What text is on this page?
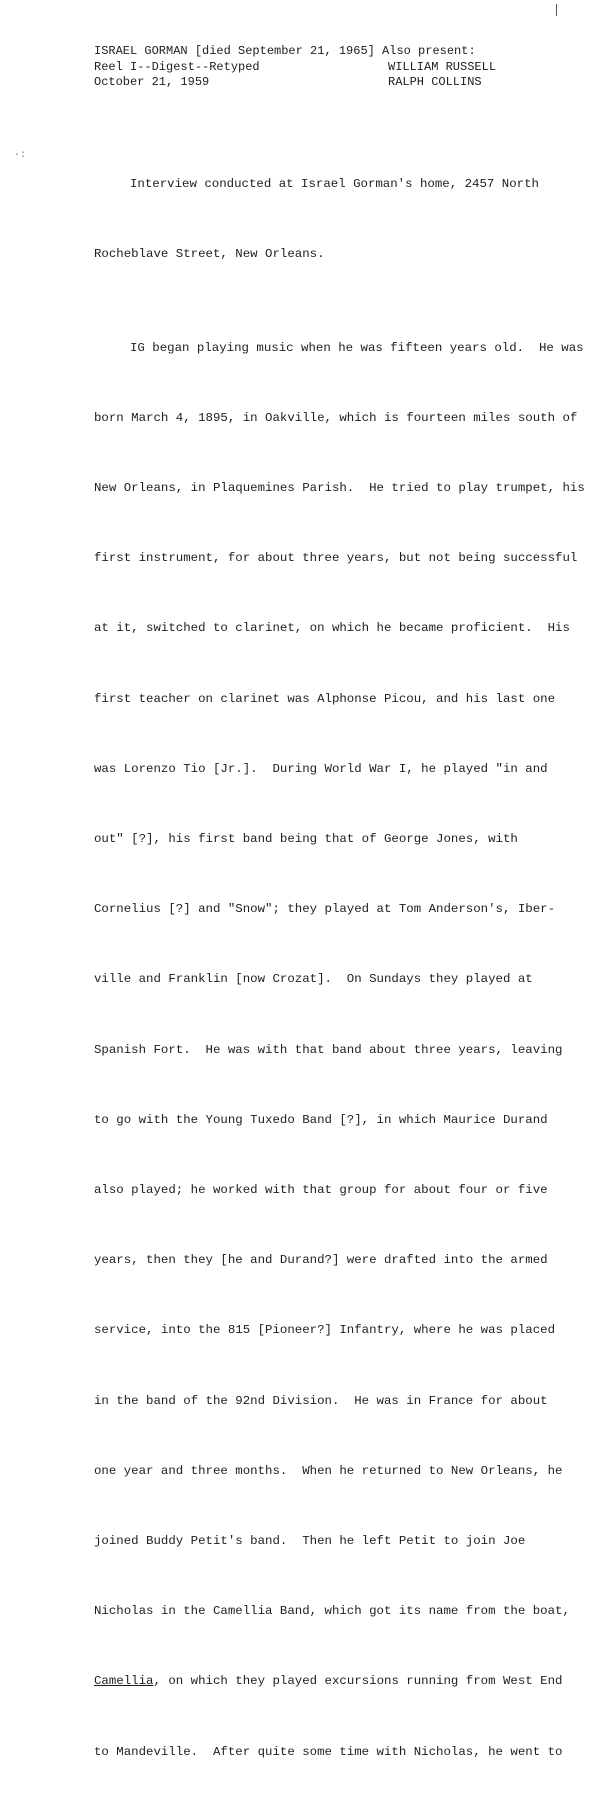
·:
ISRAEL GORMAN [died September 21, 1965] Also present:
Reel I--Digest--Retyped
October 21, 1959
WILLIAM RUSSELL
RALPH COLLINS

Interview conducted at Israel Gorman's home, 2457 North

Rocheblave Street, New Orleans.

IG began playing music when he was fifteen years old.  He was

born March 4, 1895, in Oakville, which is fourteen miles south of

New Orleans, in Plaquemines Parish.  He tried to play trumpet, his

first instrument, for about three years, but not being successful

at it, switched to clarinet, on which he became proficient.  His

first teacher on clarinet was Alphonse Picou, and his last one

was Lorenzo Tio [Jr.].  During World War I, he played "in and

out" [?], his first band being that of George Jones, with

Cornelius [?] and "Snow"; they played at Tom Anderson's, Iber-

ville and Franklin [now Crozat].  On Sundays they played at

Spanish Fort.  He was with that band about three years, leaving

to go with the Young Tuxedo Band [?], in which Maurice Durand

also played; he worked with that group for about four or five

years, then they [he and Durand?] were drafted into the armed

service, into the 815 [Pioneer?] Infantry, where he was placed

in the band of the 92nd Division.  He was in France for about

one year and three months.  When he returned to New Orleans, he

joined Buddy Petit's band.  Then he left Petit to join Joe

Nicholas in the Camellia Band, which got its name from the boat,

Camellia, on which they played excursions running from West End

to Mandeville.  After quite some time with Nicholas, he went to
